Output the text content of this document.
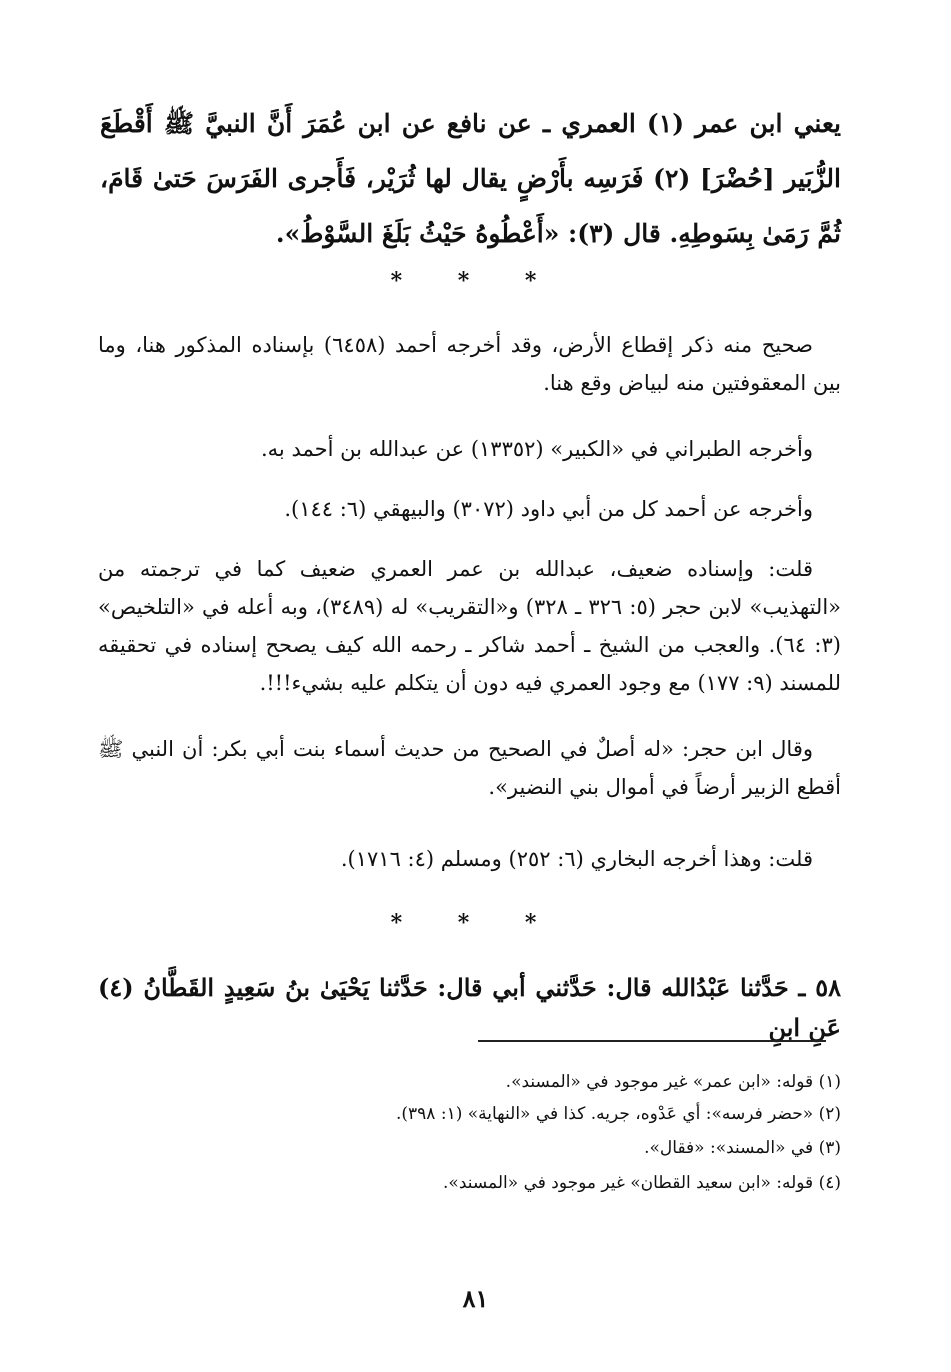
يعني ابن عمر (١) العمري ـ عن نافع عن ابن عُمَرَ أَنَّ النبيَّ ﷺ أَقْطَعَ الزُّبَير [حُضْرَ] (٢) فَرَسِه بأَرْضٍ يقال لها ثُرَيْر، فَأَجرى الفَرَسَ حَتىٰ قَامَ، ثُمَّ رَمَىٰ بِسَوطِهِ. قال (٣): «أَعْطُوهُ حَيْثُ بَلَغَ السَّوْطُ».
* * *
صحيح منه ذكر إقطاع الأرض، وقد أخرجه أحمد (٦٤٥٨) بإسناده المذكور هنا، وما بين المعقوفتين منه لبياض وقع هنا.
وأخرجه الطبراني في «الكبير» (١٣٣٥٢) عن عبدالله بن أحمد به.
وأخرجه عن أحمد كل من أبي داود (٣٠٧٢) والبيهقي (٦: ١٤٤).
قلت: وإسناده ضعيف، عبدالله بن عمر العمري ضعيف كما في ترجمته من «التهذيب» لابن حجر (٥: ٣٢٦ ـ ٣٢٨) و«التقريب» له (٣٤٨٩)، وبه أعله في «التلخيص» (٣: ٦٤). والعجب من الشيخ ـ أحمد شاكر ـ رحمه الله كيف يصحح إسناده في تحقيقه للمسند (٩: ١٧٧) مع وجود العمري فيه دون أن يتكلم عليه بشيء!!!.
وقال ابن حجر: «له أصلٌ في الصحيح من حديث أسماء بنت أبي بكر: أن النبي ﷺ أقطع الزبير أرضاً في أموال بني النضير».
قلت: وهذا أخرجه البخاري (٦: ٢٥٢) ومسلم (٤: ١٧١٦).
* * *
٥٨ ـ حَدَّثنا عَبْدُالله قال: حَدَّثني أبي قال: حَدَّثنا يَحْيَىٰ بنُ سَعِيدٍ القَطَّانُ (٤) عَنِ ابنِ
(١) قوله: «ابن عمر» غير موجود في «المسند».
(٢) «حضر فرسه»: أي عَدْوه، جريه. كذا في «النهاية» (١: ٣٩٨).
(٣) في «المسند»: «فقال».
(٤) قوله: «ابن سعيد القطان» غير موجود في «المسند».
٨١
